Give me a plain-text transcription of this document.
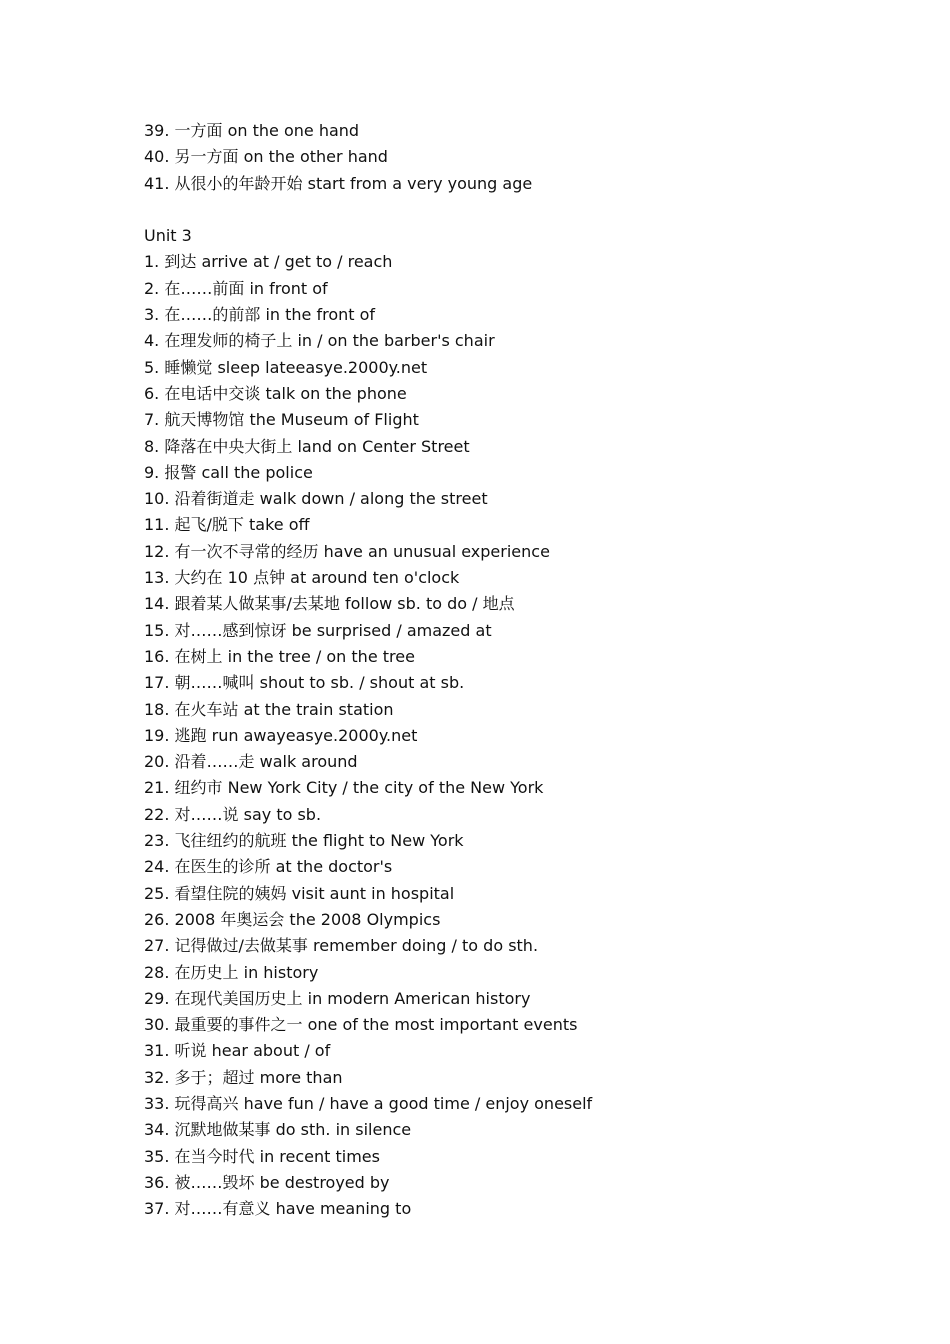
39. 一方面 on the one hand
40. 另一方面 on the other hand
41. 从很小的年龄开始 start from a very young age
Unit 3
1. 到达 arrive at / get to / reach
2. 在……前面 in front of
3. 在……的前部 in the front of
4. 在理发师的椅子上 in / on the barber's chair
5. 睡懒觉 sleep lateeasye.2000y.net
6. 在电话中交谈 talk on the phone
7. 航天博物馆 the Museum of Flight
8. 降落在中央大街上 land on Center Street
9. 报警 call the police
10. 沿着街道走 walk down / along the street
11. 起飞/脱下 take off
12. 有一次不寻常的经历 have an unusual experience
13. 大约在 10 点钟 at around ten o'clock
14. 跟着某人做某事/去某地 follow sb. to do / 地点
15. 对……感到惊讶 be surprised / amazed at
16. 在树上 in the tree / on the tree
17. 朝……喊叫 shout to sb. / shout at sb.
18. 在火车站 at the train station
19. 逃跑 run awayeasye.2000y.net
20. 沿着……走 walk around
21. 纽约市 New York City / the city of the New York
22. 对……说 say to sb.
23. 飞往纽约的航班 the flight to New York
24. 在医生的诊所 at the doctor's
25. 看望住院的姨妈 visit aunt in hospital
26. 2008 年奥运会 the 2008 Olympics
27. 记得做过/去做某事 remember doing / to do sth.
28. 在历史上 in history
29. 在现代美国历史上 in modern American history
30. 最重要的事件之一 one of the most important events
31. 听说 hear about / of
32. 多于；超过 more than
33. 玩得高兴 have fun / have a good time / enjoy oneself
34. 沉默地做某事 do sth. in silence
35. 在当今时代 in recent times
36. 被……毁坏 be destroyed by
37. 对……有意义 have meaning to
